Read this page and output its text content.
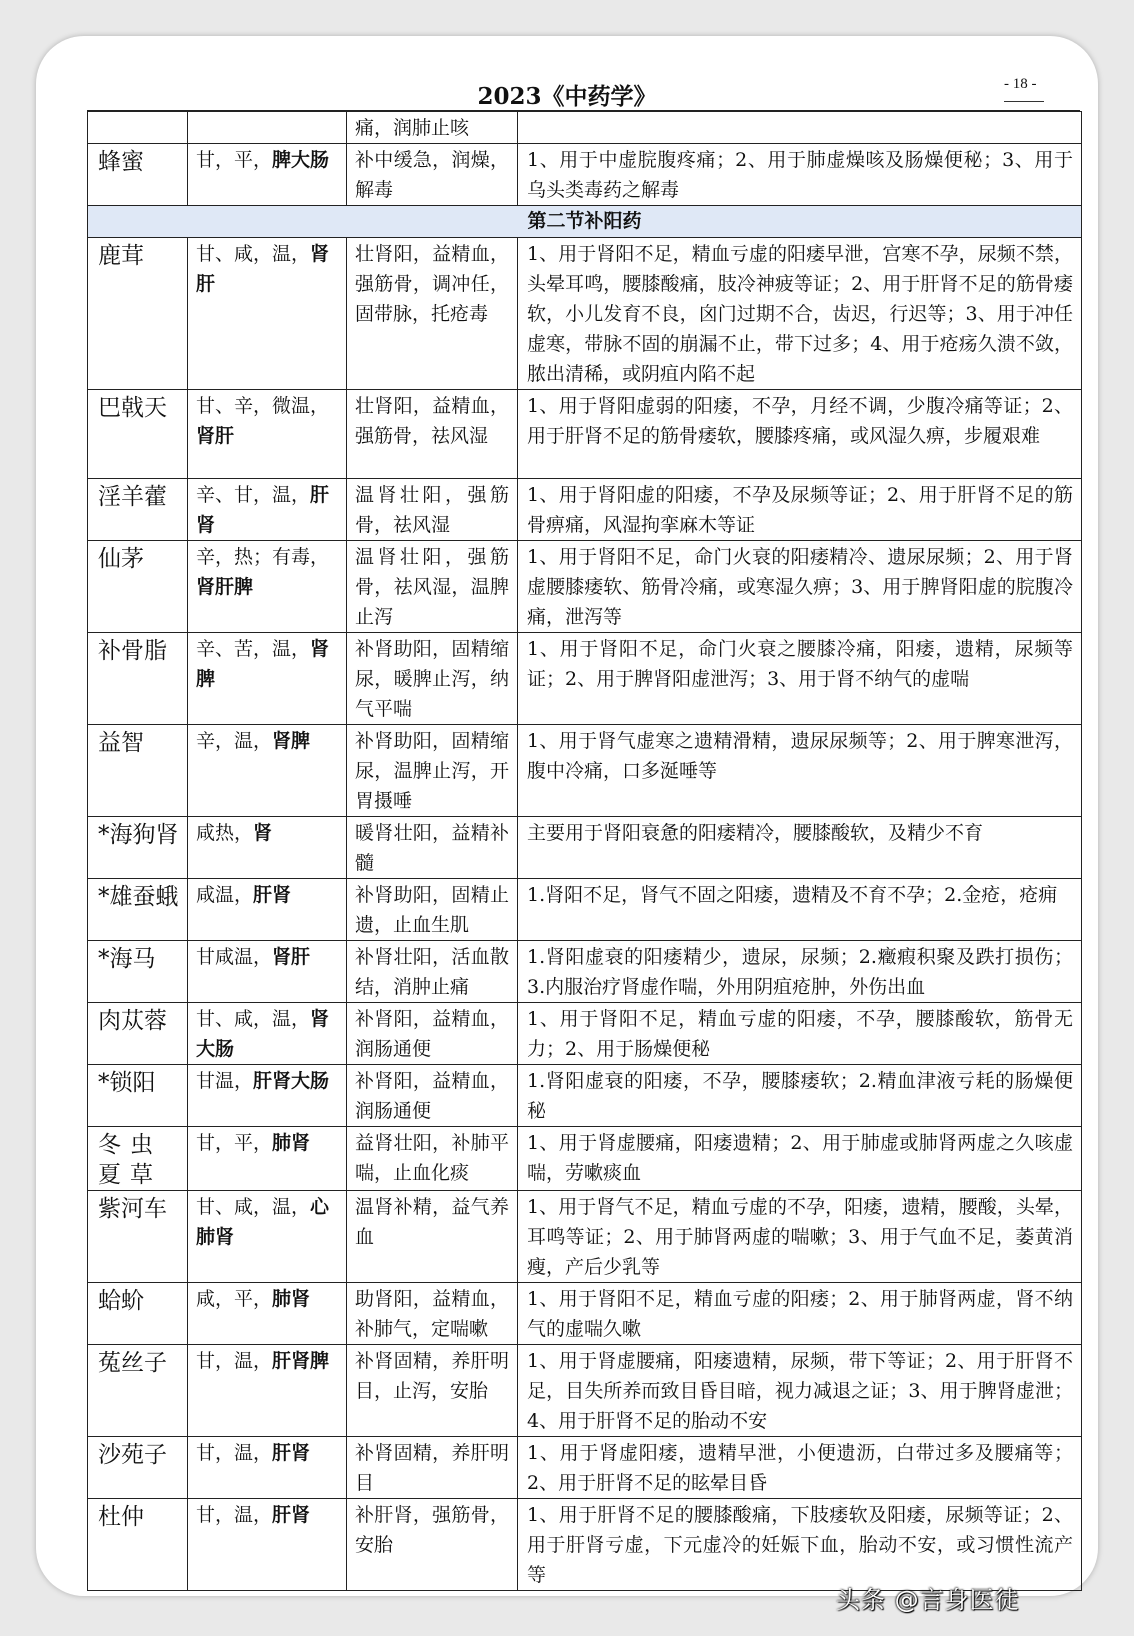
2023《中药学》	- 18 -
		痛，润肺止咳	
蜂蜜	甘，平，脾大肠	补中缓急，润燥，解毒	1、用于中虚脘腹疼痛；2、用于肺虚燥咳及肠燥便秘；3、用于乌头类毒药之解毒
第二节补阳药			
鹿茸	甘、咸，温，肾肝	壮肾阳，益精血，强筋骨，调冲任，固带脉，托疮毒	1、用于肾阳不足，精血亏虚的阳痿早泄，宫寒不孕，尿频不禁，头晕耳鸣，腰膝酸痛，肢冷神疲等证；2、用于肝肾不足的筋骨痿软，小儿发育不良，囟门过期不合，齿迟，行迟等；3、用于冲任虚寒，带脉不固的崩漏不止，带下过多；4、用于疮疡久溃不敛，脓出清稀，或阴疽内陷不起
巴戟天	甘、辛，微温，肾肝	壮肾阳，益精血，强筋骨，祛风湿	1、用于肾阳虚弱的阳痿，不孕，月经不调，少腹冷痛等证；2、用于肝肾不足的筋骨痿软，腰膝疼痛，或风湿久痹，步履艰难
淫羊藿	辛、甘，温，肝肾	温肾壮阳，强筋骨，祛风湿	1、用于肾阳虚的阳痿，不孕及尿频等证；2、用于肝肾不足的筋骨痹痛，风湿拘挛麻木等证
仙茅	辛，热；有毒，肾肝脾	温肾壮阳，强筋骨，祛风湿，温脾止泻	1、用于肾阳不足，命门火衰的阳痿精冷、遗尿尿频；2、用于肾虚腰膝痿软、筋骨冷痛，或寒湿久痹；3、用于脾肾阳虚的脘腹冷痛，泄泻等
补骨脂	辛、苦，温，肾脾	补肾助阳，固精缩尿，暖脾止泻，纳气平喘	1、用于肾阳不足，命门火衰之腰膝冷痛，阳痿，遗精，尿频等证；2、用于脾肾阳虚泄泻；3、用于肾不纳气的虚喘
益智	辛，温，肾脾	补肾助阳，固精缩尿，温脾止泻，开胃摄唾	1、用于肾气虚寒之遗精滑精，遗尿尿频等；2、用于脾寒泄泻，腹中冷痛，口多涎唾等
*海狗肾	咸热，肾	暖肾壮阳，益精补髓	主要用于肾阳衰惫的阳痿精冷，腰膝酸软，及精少不育
*雄蚕蛾	咸温，肝肾	补肾助阳，固精止遗，止血生肌	1.肾阳不足，肾气不固之阳痿，遗精及不育不孕；2.金疮，疮痈
*海马	甘咸温，肾肝	补肾壮阳，活血散结，消肿止痛	1.肾阳虚衰的阳痿精少，遗尿，尿频；2.癥瘕积聚及跌打损伤；3.内服治疗肾虚作喘，外用阴疽疮肿，外伤出血
肉苁蓉	甘、咸，温，肾大肠	补肾阳，益精血，润肠通便	1、用于肾阳不足，精血亏虚的阳痿，不孕，腰膝酸软，筋骨无力；2、用于肠燥便秘
*锁阳	甘温，肝肾大肠	补肾阳，益精血，润肠通便	1.肾阳虚衰的阳痿，不孕，腰膝痿软；2.精血津液亏耗的肠燥便秘
冬虫夏草	甘，平，肺肾	益肾壮阳，补肺平喘，止血化痰	1、用于肾虚腰痛，阳痿遗精；2、用于肺虚或肺肾两虚之久咳虚喘，劳嗽痰血
紫河车	甘、咸，温，心肺肾	温肾补精，益气养血	1、用于肾气不足，精血亏虚的不孕，阳痿，遗精，腰酸，头晕，耳鸣等证；2、用于肺肾两虚的喘嗽；3、用于气血不足，萎黄消瘦，产后少乳等
蛤蚧	咸，平，肺肾	助肾阳，益精血，补肺气，定喘嗽	1、用于肾阳不足，精血亏虚的阳痿；2、用于肺肾两虚，肾不纳气的虚喘久嗽
菟丝子	甘，温，肝肾脾	补肾固精，养肝明目，止泻，安胎	1、用于肾虚腰痛，阳痿遗精，尿频，带下等证；2、用于肝肾不足，目失所养而致目昏目暗，视力减退之证；3、用于脾肾虚泄；4、用于肝肾不足的胎动不安
沙苑子	甘，温，肝肾	补肾固精，养肝明目	1、用于肾虚阳痿，遗精早泄，小便遗沥，白带过多及腰痛等；2、用于肝肾不足的眩晕目昏
杜仲	甘，温，肝肾	补肝肾，强筋骨，安胎	1、用于肝肾不足的腰膝酸痛，下肢痿软及阳痿，尿频等证；2、用于肝肾亏虚，下元虚冷的妊娠下血，胎动不安，或习惯性流产等
头条 @言身医徒
